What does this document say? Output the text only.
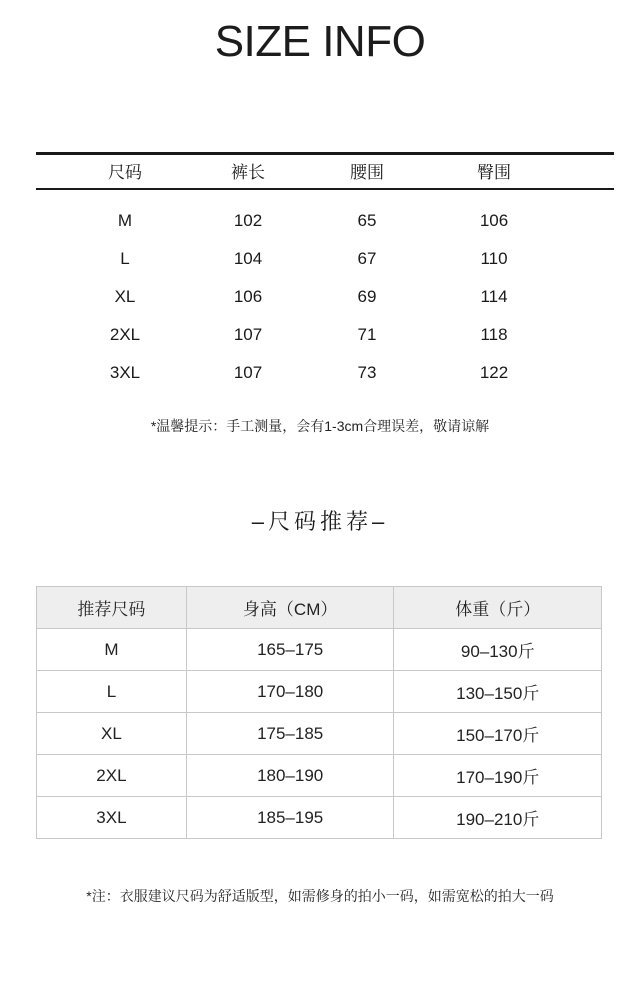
SIZE INFO
尺码	裤长	腰围	臀围
M	102	65	106
L	104	67	110
XL	106	69	114
2XL	107	71	118
3XL	107	73	122
*温馨提示：手工测量，会有1-3cm合理误差，敬请谅解
–尺码推荐–
推荐尺码	身高（CM）	体重（斤）
M	165–175	90–130斤
L	170–180	130–150斤
XL	175–185	150–170斤
2XL	180–190	170–190斤
3XL	185–195	190–210斤
*注：衣服建议尺码为舒适版型，如需修身的拍小一码，如需宽松的拍大一码
